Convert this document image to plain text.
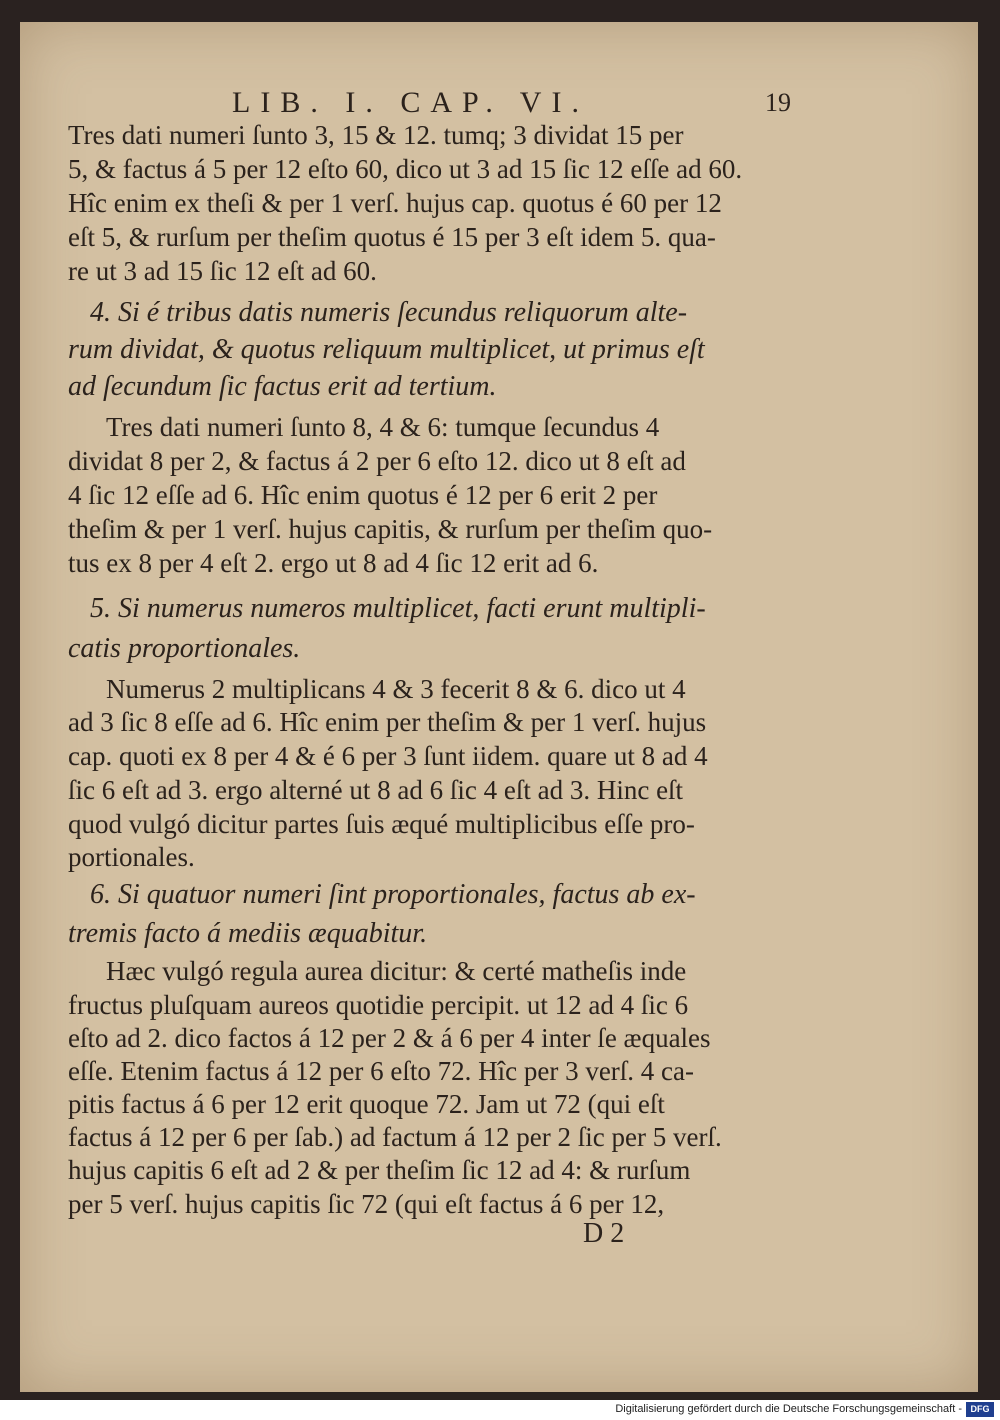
LIB. I. CAP. VI.	19
Tres dati numeri ſunto 3, 15 & 12. tumq; 3 dividat 15 per
5, & factus á 5 per 12 eſto 60, dico ut 3 ad 15 ſic 12 eſſe ad 60.
Hîc enim ex theſi & per 1 verſ. hujus cap. quotus é 60 per 12
eſt 5, & rurſum per theſim quotus é 15 per 3 eſt idem 5. qua-
re ut 3 ad 15 ſic 12 eſt ad 60.
4. Si é tribus datis numeris ſecundus reliquorum alte-
rum dividat, & quotus reliquum multiplicet, ut primus eſt
ad ſecundum ſic factus erit ad tertium.
Tres dati numeri ſunto 8, 4 & 6: tumque ſecundus 4
dividat 8 per 2, & factus á 2 per 6 eſto 12. dico ut 8 eſt ad
4 ſic 12 eſſe ad 6. Hîc enim quotus é 12 per 6 erit 2 per
theſim & per 1 verſ. hujus capitis, & rurſum per theſim quo-
tus ex 8 per 4 eſt 2. ergo ut 8 ad 4 ſic 12 erit ad 6.
5. Si numerus numeros multiplicet, facti erunt multipli-
catis proportionales.
Numerus 2 multiplicans 4 & 3 fecerit 8 & 6. dico ut 4
ad 3 ſic 8 eſſe ad 6. Hîc enim per theſim & per 1 verſ. hujus
cap. quoti ex 8 per 4 & é 6 per 3 ſunt iidem. quare ut 8 ad 4
ſic 6 eſt ad 3. ergo alterné ut 8 ad 6 ſic 4 eſt ad 3. Hinc eſt
quod vulgó dicitur partes ſuis æqué multiplicibus eſſe pro-
portionales.
6. Si quatuor numeri ſint proportionales, factus ab ex-
tremis facto á mediis æquabitur.
Hæc vulgó regula aurea dicitur: & certé matheſis inde
fructus pluſquam aureos quotidie percipit. ut 12 ad 4 ſic 6
eſto ad 2. dico factos á 12 per 2 & á 6 per 4 inter ſe æquales
eſſe. Etenim factus á 12 per 6 eſto 72. Hîc per 3 verſ. 4 ca-
pitis factus á 6 per 12 erit quoque 72. Jam ut 72 (qui eſt
factus á 12 per 6 per ſab.) ad factum á 12 per 2 ſic per 5 verſ.
hujus capitis 6 eſt ad 2 & per theſim ſic 12 ad 4: & rurſum
per 5 verſ. hujus capitis ſic 72 (qui eſt factus á 6 per 12,
D 2
Digitalisierung gefördert durch die Deutsche Forschungsgemeinschaft - DFG
